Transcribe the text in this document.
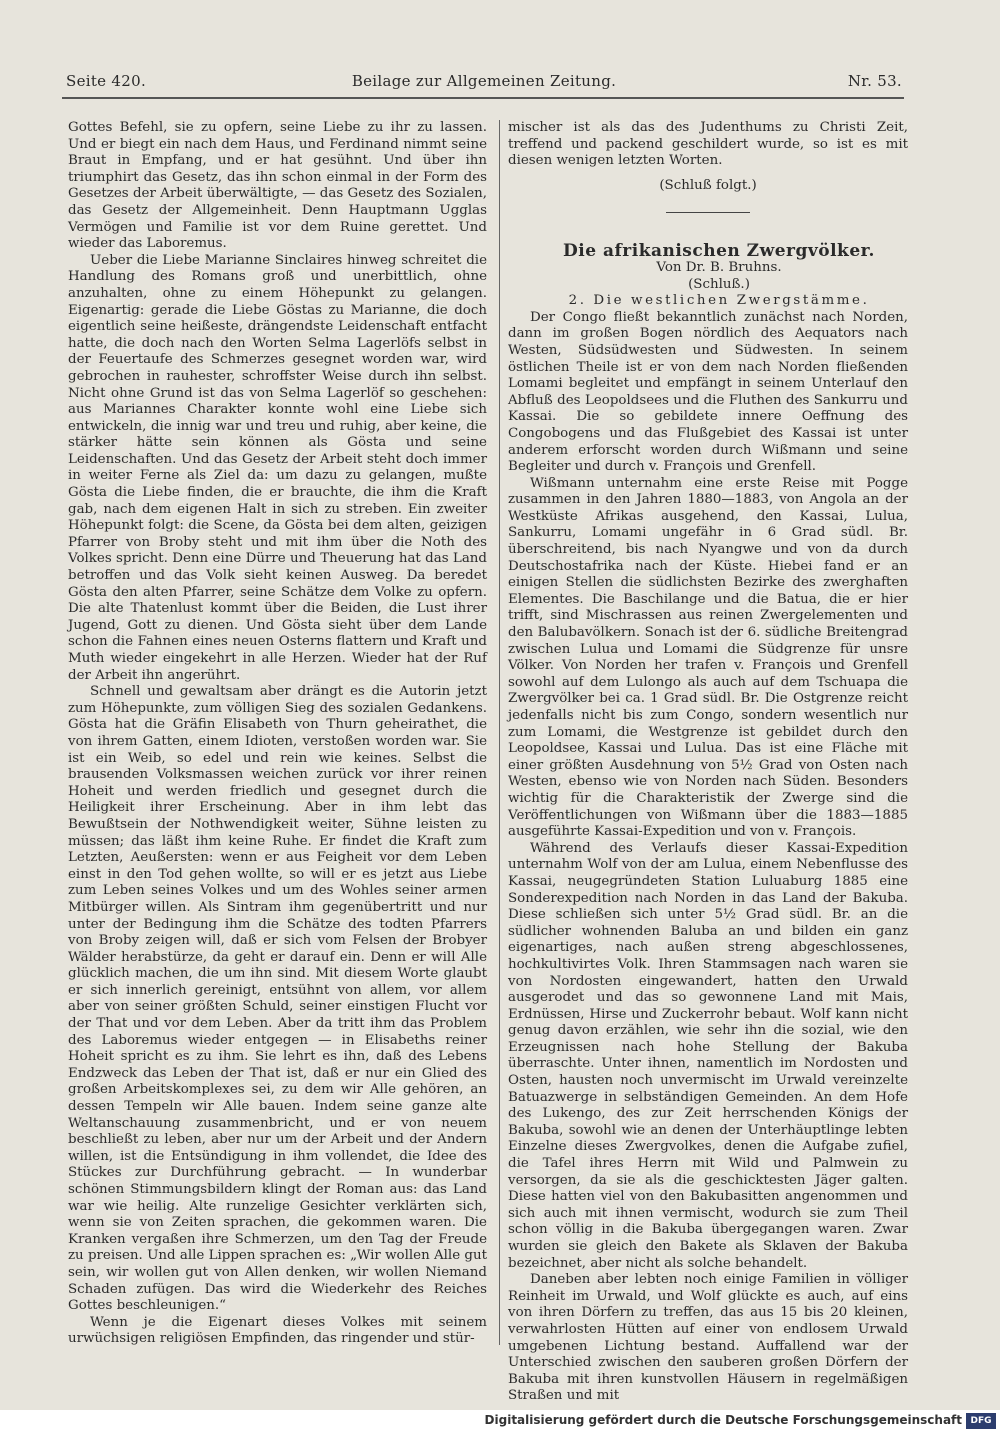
Seite 420.	Beilage zur Allgemeinen Zeitung.	Nr. 53.

Gottes Befehl, sie zu opfern, seine Liebe zu ihr zu lassen. Und er biegt ein nach dem Haus, und Ferdinand nimmt seine Braut in Empfang, und er hat gesühnt. Und über ihn triumphirt das Gesetz, das ihn schon einmal in der Form des Gesetzes der Arbeit überwältigte, — das Gesetz des Sozialen, das Gesetz der Allgemeinheit. Denn Hauptmann Ugglas Vermögen und Familie ist vor dem Ruine gerettet. Und wieder das Laboremus.

Ueber die Liebe Marianne Sinclaires hinweg schreitet die Handlung des Romans groß und unerbittlich, ohne anzuhalten, ohne zu einem Höhepunkt zu gelangen. Eigenartig: gerade die Liebe Göstas zu Marianne, die doch eigentlich seine heißeste, drängendste Leidenschaft entfacht hatte, die doch nach den Worten Selma Lagerlöfs selbst in der Feuertaufe des Schmerzes gesegnet worden war, wird gebrochen in rauhester, schroffster Weise durch ihn selbst. Nicht ohne Grund ist das von Selma Lagerlöf so geschehen: aus Mariannes Charakter konnte wohl eine Liebe sich entwickeln, die innig war und treu und ruhig, aber keine, die stärker hätte sein können als Gösta und seine Leidenschaften. Und das Gesetz der Arbeit steht doch immer in weiter Ferne als Ziel da: um dazu zu gelangen, mußte Gösta die Liebe finden, die er brauchte, die ihm die Kraft gab, nach dem eigenen Halt in sich zu streben. Ein zweiter Höhepunkt folgt: die Scene, da Gösta bei dem alten, geizigen Pfarrer von Broby steht und mit ihm über die Noth des Volkes spricht. Denn eine Dürre und Theuerung hat das Land betroffen und das Volk sieht keinen Ausweg. Da beredet Gösta den alten Pfarrer, seine Schätze dem Volke zu opfern. Die alte Thatenlust kommt über die Beiden, die Lust ihrer Jugend, Gott zu dienen. Und Gösta sieht über dem Lande schon die Fahnen eines neuen Osterns flattern und Kraft und Muth wieder eingekehrt in alle Herzen. Wieder hat der Ruf der Arbeit ihn angerührt.

Schnell und gewaltsam aber drängt es die Autorin jetzt zum Höhepunkte, zum völligen Sieg des sozialen Gedankens. Gösta hat die Gräfin Elisabeth von Thurn geheirathet, die von ihrem Gatten, einem Idioten, verstoßen worden war. Sie ist ein Weib, so edel und rein wie keines. Selbst die brausenden Volksmassen weichen zurück vor ihrer reinen Hoheit und werden friedlich und gesegnet durch die Heiligkeit ihrer Erscheinung. Aber in ihm lebt das Bewußtsein der Nothwendigkeit weiter, Sühne leisten zu müssen; das läßt ihm keine Ruhe. Er findet die Kraft zum Letzten, Aeußersten: wenn er aus Feigheit vor dem Leben einst in den Tod gehen wollte, so will er es jetzt aus Liebe zum Leben seines Volkes und um des Wohles seiner armen Mitbürger willen. Als Sintram ihm gegenübertritt und nur unter der Bedingung ihm die Schätze des todten Pfarrers von Broby zeigen will, daß er sich vom Felsen der Brobyer Wälder herabstürze, da geht er darauf ein. Denn er will Alle glücklich machen, die um ihn sind. Mit diesem Worte glaubt er sich innerlich gereinigt, entsühnt von allem, vor allem aber von seiner größten Schuld, seiner einstigen Flucht vor der That und vor dem Leben. Aber da tritt ihm das Problem des Laboremus wieder entgegen — in Elisabeths reiner Hoheit spricht es zu ihm. Sie lehrt es ihn, daß des Lebens Endzweck das Leben der That ist, daß er nur ein Glied des großen Arbeitskomplexes sei, zu dem wir Alle gehören, an dessen Tempeln wir Alle bauen. Indem seine ganze alte Weltanschauung zusammenbricht, und er von neuem beschließt zu leben, aber nur um der Arbeit und der Andern willen, ist die Entsündigung in ihm vollendet, die Idee des Stückes zur Durchführung gebracht. — In wunderbar schönen Stimmungsbildern klingt der Roman aus: das Land war wie heilig. Alte runzelige Gesichter verklärten sich, wenn sie von Zeiten sprachen, die gekommen waren. Die Kranken vergaßen ihre Schmerzen, um den Tag der Freude zu preisen. Und alle Lippen sprachen es: „Wir wollen Alle gut sein, wir wollen gut von Allen denken, wir wollen Niemand Schaden zufügen. Das wird die Wiederkehr des Reiches Gottes beschleunigen.“

Wenn je die Eigenart dieses Volkes mit seinem urwüchsigen religiösen Empfinden, das ringender und stür-

mischer ist als das des Judenthums zu Christi Zeit, treffend und packend geschildert wurde, so ist es mit diesen wenigen letzten Worten.

(Schluß folgt.)

Die afrikanischen Zwergvölker.

Von Dr. B. Bruhns.

(Schluß.)

2. Die westlichen Zwergstämme.

Der Congo fließt bekanntlich zunächst nach Norden, dann im großen Bogen nördlich des Aequators nach Westen, Südsüdwesten und Südwesten. In seinem östlichen Theile ist er von dem nach Norden fließenden Lomami begleitet und empfängt in seinem Unterlauf den Abfluß des Leopoldsees und die Fluthen des Sankurru und Kassai. Die so gebildete innere Oeffnung des Congobogens und das Flußgebiet des Kassai ist unter anderem erforscht worden durch Wißmann und seine Begleiter und durch v. François und Grenfell.

Wißmann unternahm eine erste Reise mit Pogge zusammen in den Jahren 1880—1883, von Angola an der Westküste Afrikas ausgehend, den Kassai, Lulua, Sankurru, Lomami ungefähr in 6 Grad südl. Br. überschreitend, bis nach Nyangwe und von da durch Deutschostafrika nach der Küste. Hiebei fand er an einigen Stellen die südlichsten Bezirke des zwerghaften Elementes. Die Baschilange und die Batua, die er hier trifft, sind Mischrassen aus reinen Zwergelementen und den Balubavölkern. Sonach ist der 6. südliche Breitengrad zwischen Lulua und Lomami die Südgrenze für unsre Völker. Von Norden her trafen v. François und Grenfell sowohl auf dem Lulongo als auch auf dem Tschuapa die Zwergvölker bei ca. 1 Grad südl. Br. Die Ostgrenze reicht jedenfalls nicht bis zum Congo, sondern wesentlich nur zum Lomami, die Westgrenze ist gebildet durch den Leopoldsee, Kassai und Lulua. Das ist eine Fläche mit einer größten Ausdehnung von 5½ Grad von Osten nach Westen, ebenso wie von Norden nach Süden. Besonders wichtig für die Charakteristik der Zwerge sind die Veröffentlichungen von Wißmann über die 1883—1885 ausgeführte Kassai-Expedition und von v. François.

Während des Verlaufs dieser Kassai-Expedition unternahm Wolf von der am Lulua, einem Nebenflusse des Kassai, neugegründeten Station Luluaburg 1885 eine Sonderexpedition nach Norden in das Land der Bakuba. Diese schließen sich unter 5½ Grad südl. Br. an die südlicher wohnenden Baluba an und bilden ein ganz eigenartiges, nach außen streng abgeschlossenes, hochkultivirtes Volk. Ihren Stammsagen nach waren sie von Nordosten eingewandert, hatten den Urwald ausgerodet und das so gewonnene Land mit Mais, Erdnüssen, Hirse und Zuckerrohr bebaut. Wolf kann nicht genug davon erzählen, wie sehr ihn die sozial, wie den Erzeugnissen nach hohe Stellung der Bakuba überraschte. Unter ihnen, namentlich im Nordosten und Osten, hausten noch unvermischt im Urwald vereinzelte Batuazwerge in selbständigen Gemeinden. An dem Hofe des Lukengo, des zur Zeit herrschenden Königs der Bakuba, sowohl wie an denen der Unterhäuptlinge lebten Einzelne dieses Zwergvolkes, denen die Aufgabe zufiel, die Tafel ihres Herrn mit Wild und Palmwein zu versorgen, da sie als die geschicktesten Jäger galten. Diese hatten viel von den Bakubasitten angenommen und sich auch mit ihnen vermischt, wodurch sie zum Theil schon völlig in die Bakuba übergegangen waren. Zwar wurden sie gleich den Bakete als Sklaven der Bakuba bezeichnet, aber nicht als solche behandelt.

Daneben aber lebten noch einige Familien in völliger Reinheit im Urwald, und Wolf glückte es auch, auf eins von ihren Dörfern zu treffen, das aus 15 bis 20 kleinen, verwahrlosten Hütten auf einer von endlosem Urwald umgebenen Lichtung bestand. Auffallend war der Unterschied zwischen den sauberen großen Dörfern der Bakuba mit ihren kunstvollen Häusern in regelmäßigen Straßen und mit

Digitalisierung gefördert durch die Deutsche Forschungsgemeinschaft DFG
